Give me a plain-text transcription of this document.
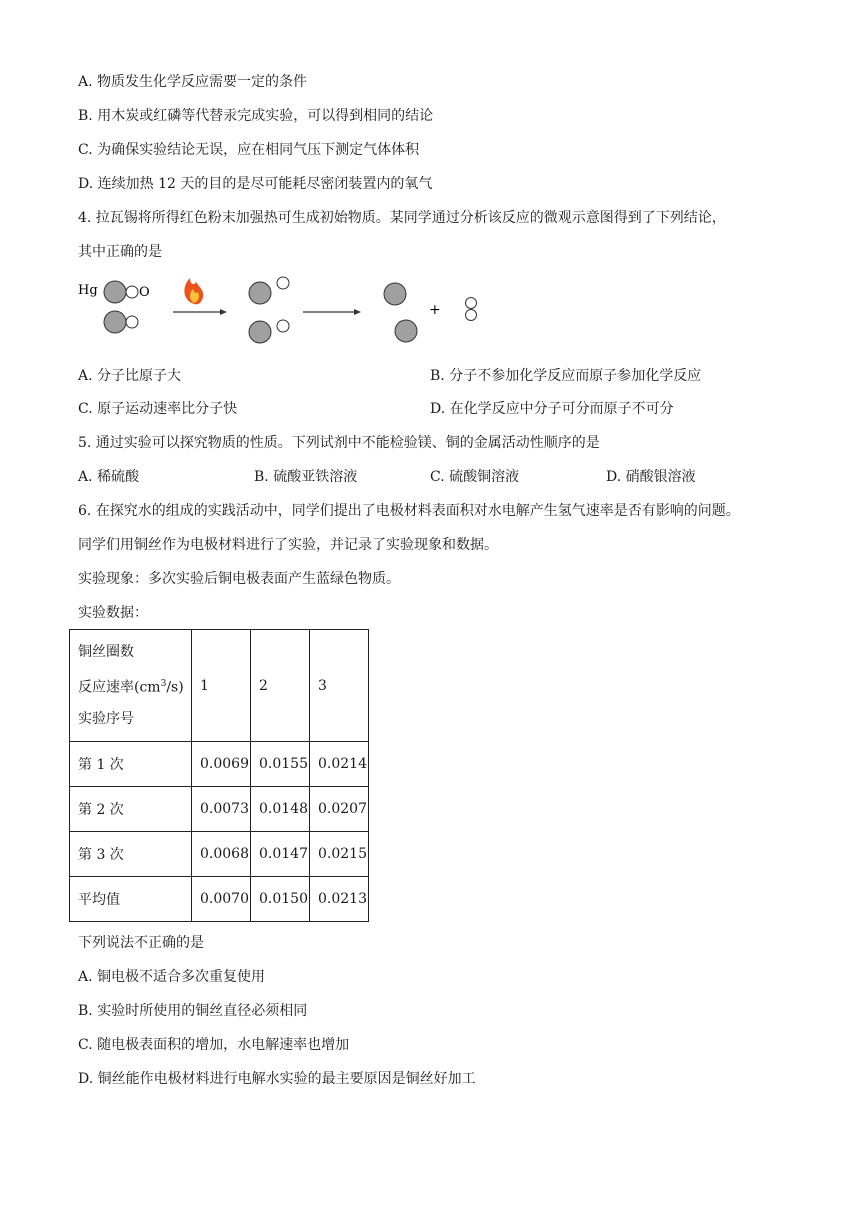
A. 物质发生化学反应需要一定的条件
B. 用木炭或红磷等代替汞完成实验，可以得到相同的结论
C. 为确保实验结论无误，应在相同气压下测定气体体积
D. 连续加热 12 天的目的是尽可能耗尽密闭装置内的氧气
4. 拉瓦锡将所得红色粉末加强热可生成初始物质。某同学通过分析该反应的微观示意图得到了下列结论，
其中正确的是
Hg	O
+
A. 分子比原子大	B. 分子不参加化学反应而原子参加化学反应
C. 原子运动速率比分子快	D. 在化学反应中分子可分而原子不可分
5. 通过实验可以探究物质的性质。下列试剂中不能检验镁、铜的金属活动性顺序的是
A. 稀硫酸	B. 硫酸亚铁溶液	C. 硫酸铜溶液	D. 硝酸银溶液
6. 在探究水的组成的实践活动中，同学们提出了电极材料表面积对水电解产生氢气速率是否有影响的问题。
同学们用铜丝作为电极材料进行了实验，并记录了实验现象和数据。
实验现象：多次实验后铜电极表面产生蓝绿色物质。
实验数据：
铜丝圈数
反应速率$(cm^3/s)$
实验序号	1	2	3
第 1 次	0.0069	0.0155	0.0214
第 2 次	0.0073	0.0148	0.0207
第 3 次	0.0068	0.0147	0.0215
平均值	0.0070	0.0150	0.0213
下列说法不正确的是
A. 铜电极不适合多次重复使用
B. 实验时所使用的铜丝直径必须相同
C. 随电极表面积的增加，水电解速率也增加
D. 铜丝能作电极材料进行电解水实验的最主要原因是铜丝好加工
